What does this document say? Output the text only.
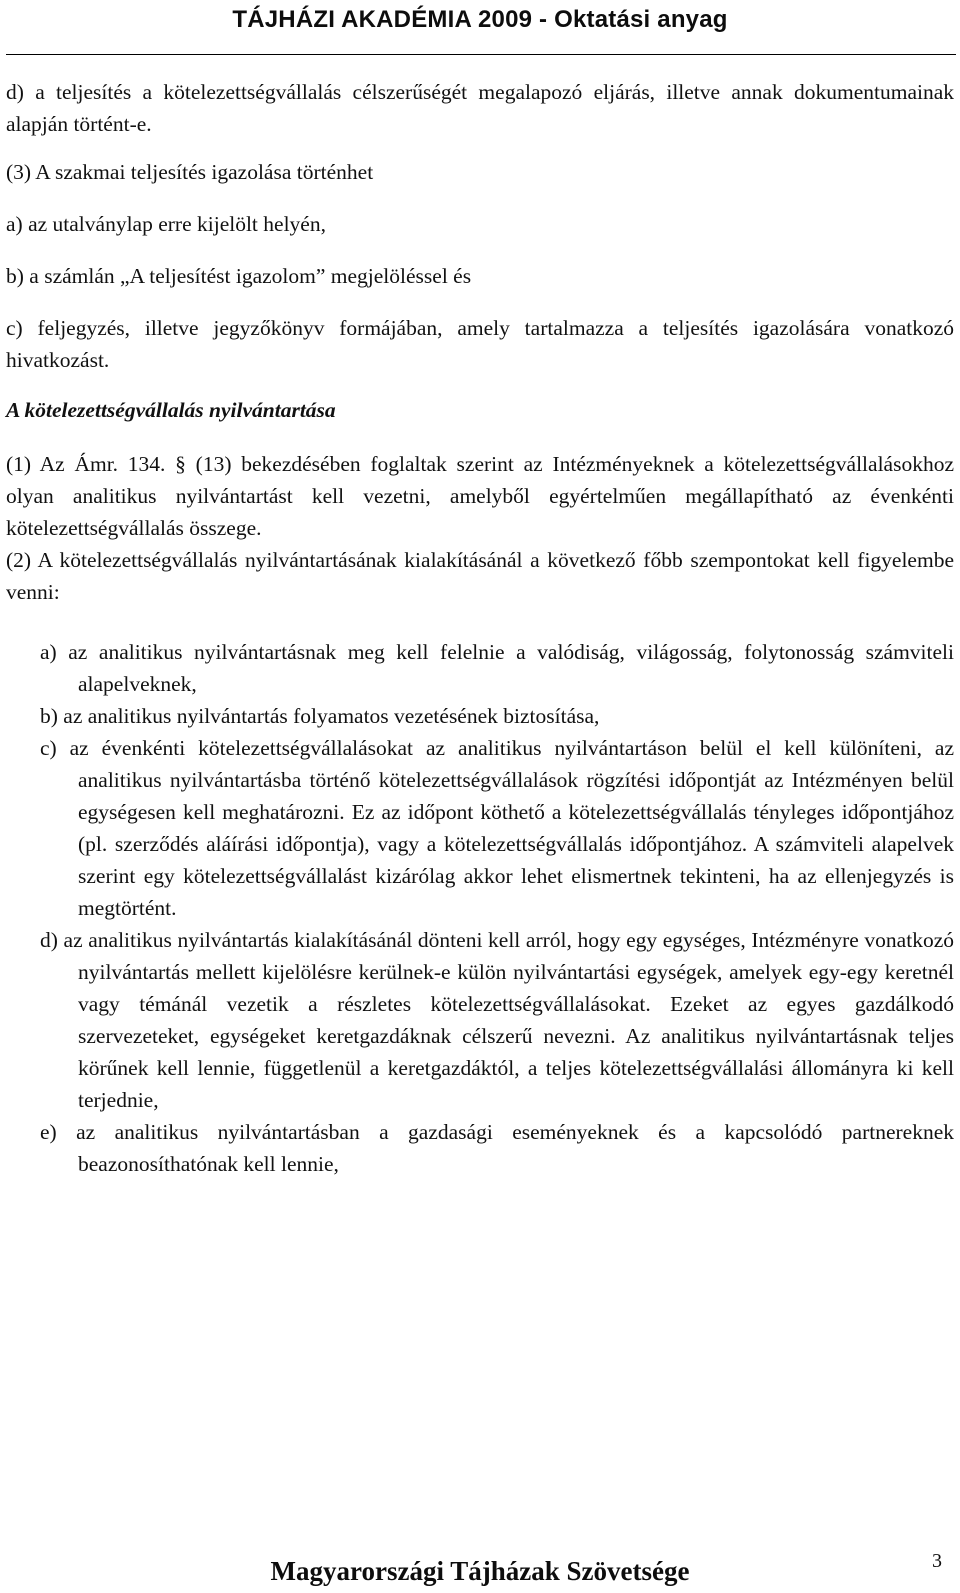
TÁJHÁZI AKADÉMIA 2009 - Oktatási anyag

d) a teljesítés a kötelezettségvállalás célszerűségét megalapozó eljárás, illetve annak dokumentumainak alapján történt-e.

(3) A szakmai teljesítés igazolása történhet

a) az utalványlap erre kijelölt helyén,

b) a számlán „A teljesítést igazolom” megjelöléssel és

c) feljegyzés, illetve jegyzőkönyv formájában, amely tartalmazza a teljesítés igazolására vonatkozó hivatkozást.

A kötelezettségvállalás nyilvántartása

(1) Az Ámr. 134. § (13) bekezdésében foglaltak szerint az Intézményeknek a kötelezettségvállalásokhoz olyan analitikus nyilvántartást kell vezetni, amelyből egyértelműen megállapítható az évenkénti kötelezettségvállalás összege.

(2) A kötelezettségvállalás nyilvántartásának kialakításánál a következő főbb szempontokat kell figyelembe venni:

a) az analitikus nyilvántartásnak meg kell felelnie a valódiság, világosság, folytonosság számviteli alapelveknek,

b) az analitikus nyilvántartás folyamatos vezetésének biztosítása,

c) az évenkénti kötelezettségvállalásokat az analitikus nyilvántartáson belül el kell különíteni, az analitikus nyilvántartásba történő kötelezettségvállalások rögzítési időpontját az Intézményen belül egységesen kell meghatározni. Ez az időpont köthető a kötelezettségvállalás tényleges időpontjához (pl. szerződés aláírási időpontja), vagy a kötelezettségvállalás időpontjához. A számviteli alapelvek szerint egy kötelezettségvállalást kizárólag akkor lehet elismertnek tekinteni, ha az ellenjegyzés is megtörtént.

d) az analitikus nyilvántartás kialakításánál dönteni kell arról, hogy egy egységes, Intézményre vonatkozó nyilvántartás mellett kijelölésre kerülnek-e külön nyilvántartási egységek, amelyek egy-egy keretnél vagy témánál vezetik a részletes kötelezettségvállalásokat. Ezeket az egyes gazdálkodó szervezeteket, egységeket keretgazdáknak célszerű nevezni. Az analitikus nyilvántartásnak teljes körűnek kell lennie, függetlenül a keretgazdáktól, a teljes kötelezettségvállalási állományra ki kell terjednie,

e) az analitikus nyilvántartásban a gazdasági eseményeknek és a kapcsolódó partnereknek beazonosíthatónak kell lennie,

Magyarországi Tájházak Szövetsége	3
